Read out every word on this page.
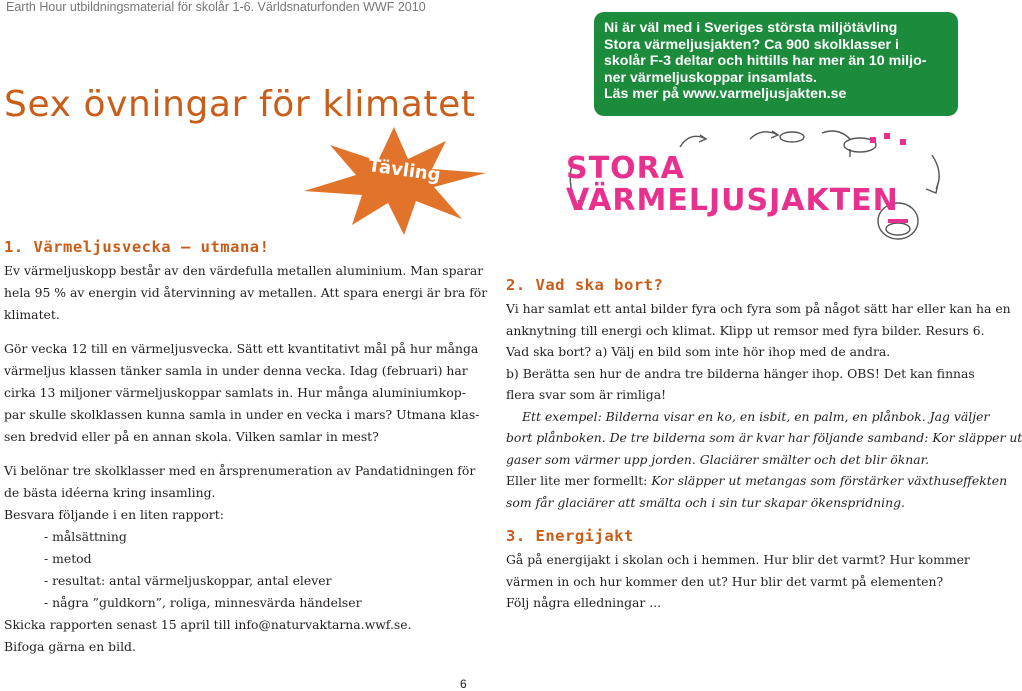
Earth Hour utbildningsmaterial för skolår 1-6. Världsnaturfonden WWF 2010
Sex övningar för klimatet
Ni är väl med i Sveriges största miljötävling
Stora värmeljusjakten? Ca 900 skolklasser i
skolår F-3 deltar och hittills har mer än 10 miljo-
ner värmeljuskoppar insamlats.
Läs mer på www.varmeljusjakten.se
Tävling	STORA
VÄRMELJUSJAKTEN
1. Värmeljusvecka – utmana!
Ev värmeljuskopp består av den värdefulla metallen aluminium. Man sparar
hela 95 % av energin vid återvinning av metallen. Att spara energi är bra för
klimatet.
Gör vecka 12 till en värmeljusvecka. Sätt ett kvantitativt mål på hur många
värmeljus klassen tänker samla in under denna vecka. Idag (februari) har
cirka 13 miljoner värmeljuskoppar samlats in. Hur många aluminiumkop-
par skulle skolklassen kunna samla in under en vecka i mars? Utmana klas-
sen bredvid eller på en annan skola. Vilken samlar in mest?
Vi belönar tre skolklasser med en årsprenumeration av Pandatidningen för
de bästa idéerna kring insamling.
Besvara följande i en liten rapport:
- målsättning
- metod
- resultat: antal värmeljuskoppar, antal elever
- några ”guldkorn”, roliga, minnesvärda händelser
Skicka rapporten senast 15 april till info@naturvaktarna.wwf.se.
Bifoga gärna en bild.
2. Vad ska bort?
Vi har samlat ett antal bilder fyra och fyra som på något sätt har eller kan ha en
anknytning till energi och klimat. Klipp ut remsor med fyra bilder. Resurs 6.
Vad ska bort? a) Välj en bild som inte hör ihop med de andra.
b) Berätta sen hur de andra tre bilderna hänger ihop. OBS! Det kan finnas
flera svar som är rimliga!
Ett exempel: Bilderna visar en ko, en isbit, en palm, en plånbok. Jag väljer
bort plånboken. De tre bilderna som är kvar har följande samband: Kor släpper ut
gaser som värmer upp jorden. Glaciärer smälter och det blir öknar.
Eller lite mer formellt: Kor släpper ut metangas som förstärker växthuseffekten
som får glaciärer att smälta och i sin tur skapar ökenspridning.
3. Energijakt
Gå på energijakt i skolan och i hemmen. Hur blir det varmt? Hur kommer
värmen in och hur kommer den ut? Hur blir det varmt på elementen?
Följ några elledningar ...
6
